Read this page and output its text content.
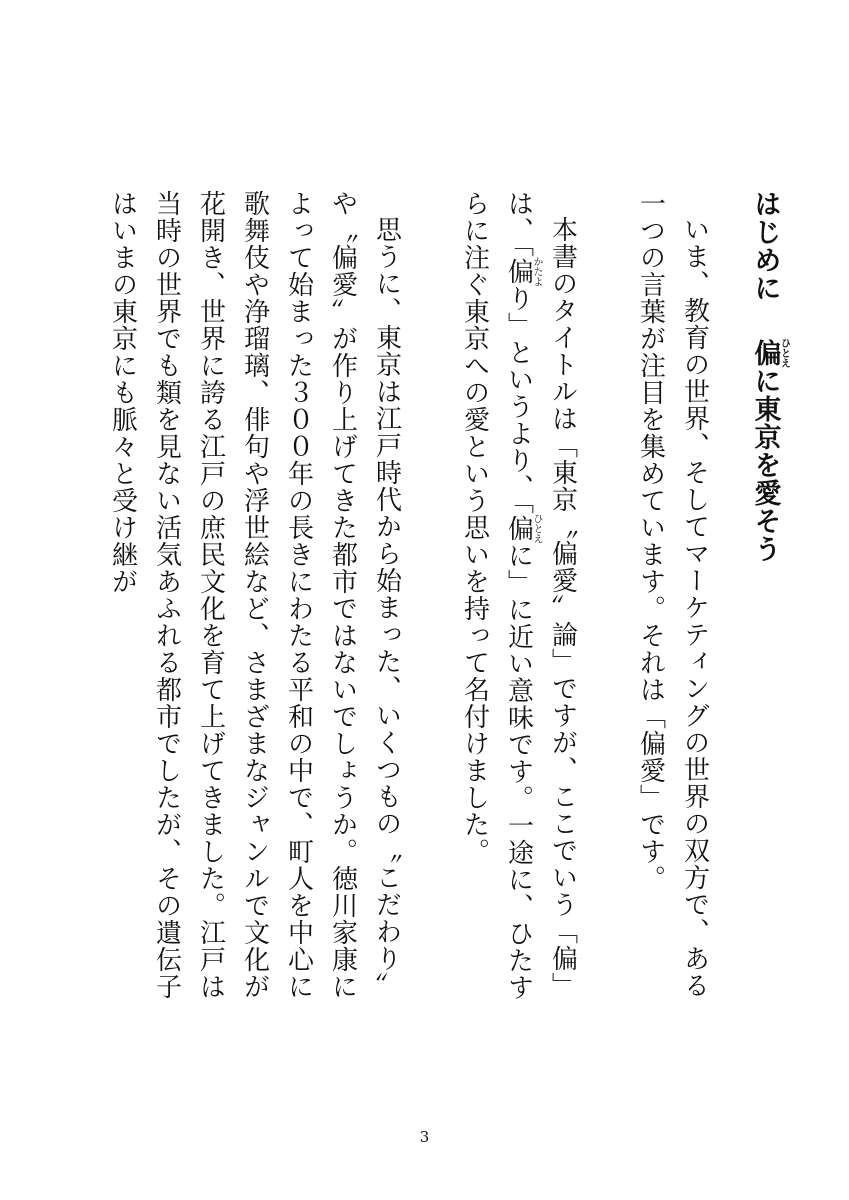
はじめに偏ひとえに東京を愛そう

いま、教育の世界、そしてマーケティングの世界の双方で、ある一つの言葉が注目を集めています。それは「偏愛」です。

本書のタイトルは「東京〝偏愛〟論」ですが、ここでいう「偏」は、「偏かたより」というより、「偏ひとえに」に近い意味です。一途に、ひたすらに注ぐ東京への愛という思いを持って名付けました。

思うに、東京は江戸時代から始まった、いくつもの〝こだわり〟や〝偏愛〟が作り上げてきた都市ではないでしょうか。徳川家康によって始まった３００年の長きにわたる平和の中で、町人を中心に歌舞伎や浄瑠璃、俳句や浮世絵など、さまざまなジャンルで文化が花開き、世界に誇る江戸の庶民文化を育て上げてきました。江戸は当時の世界でも類を見ない活気あふれる都市でしたが、その遺伝子はいまの東京にも脈々と受け継が

3
